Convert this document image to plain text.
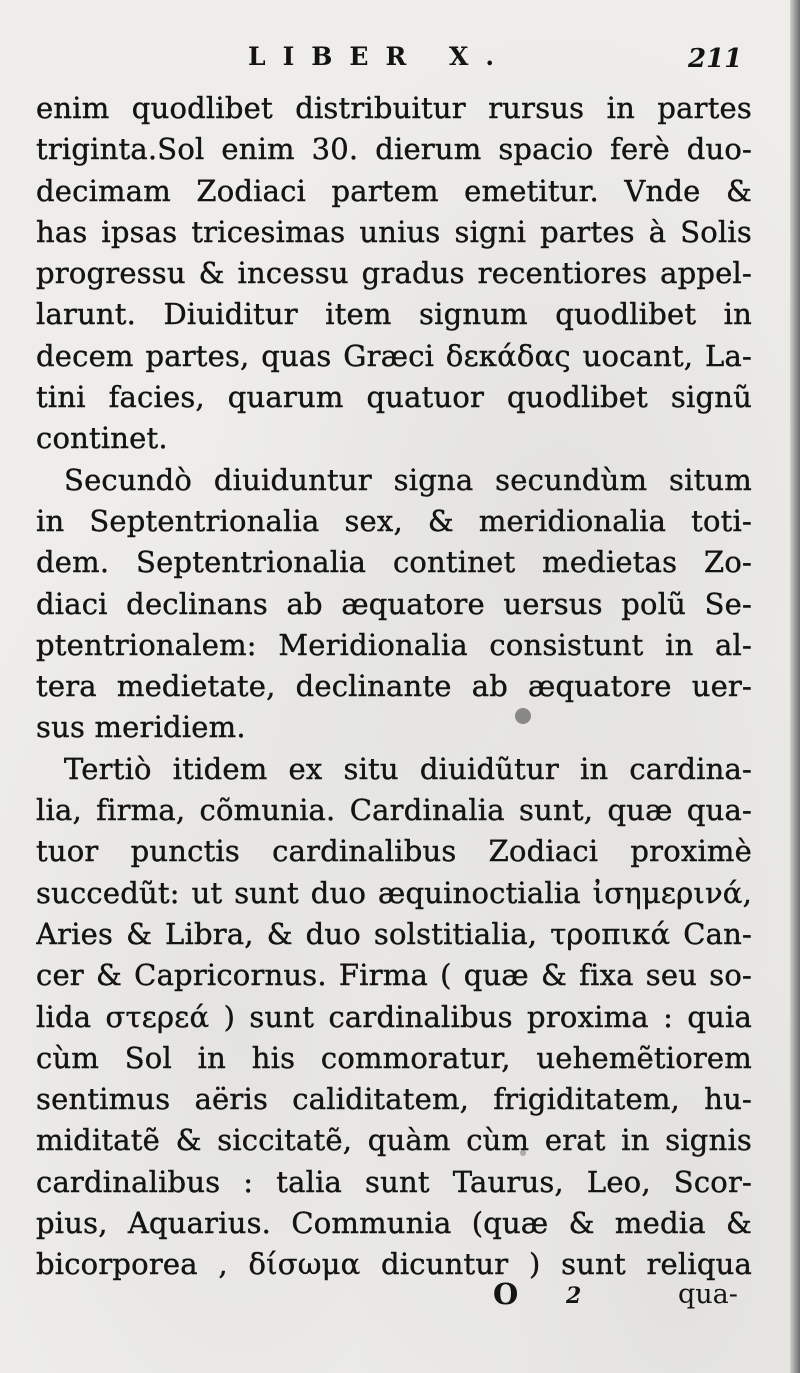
LIBER X.	211
enim quodlibet distribuitur rursus in partes
triginta.Sol enim 30. dierum spacio ferè duo-
decimam Zodiaci partem emetitur. Vnde &
has ipsas tricesimas unius signi partes à Solis
progressu & incessu gradus recentiores appel-
larunt. Diuiditur item signum quodlibet in
decem partes, quas Græci δεκάδας uocant, La-
tini facies, quarum quatuor quodlibet signũ
continet.
Secundò diuiduntur signa secundùm situm
in Septentrionalia sex, & meridionalia toti-
dem. Septentrionalia continet medietas Zo-
diaci declinans ab æquatore uersus polũ Se-
ptentrionalem: Meridionalia consistunt in al-
tera medietate, declinante ab æquatore uer-
sus meridiem.
Tertiò itidem ex situ diuidũtur in cardina-
lia, firma, cõmunia. Cardinalia sunt, quæ qua-
tuor punctis cardinalibus Zodiaci proximè
succedũt: ut sunt duo æquinoctialia ἰσημερινά,
Aries & Libra, & duo solstitialia, τροπικά Can-
cer & Capricornus. Firma ( quæ & fixa seu so-
lida στερεά ) sunt cardinalibus proxima : quia
cùm Sol in his commoratur, uehemẽtiorem
sentimus aëris caliditatem, frigiditatem, hu-
miditatẽ & siccitatẽ, quàm cùm erat in signis
cardinalibus : talia sunt Taurus, Leo, Scor-
pius, Aquarius. Communia (quæ & media &
bicorporea , δίσωμα dicuntur ) sunt reliqua
O 2	qua-
